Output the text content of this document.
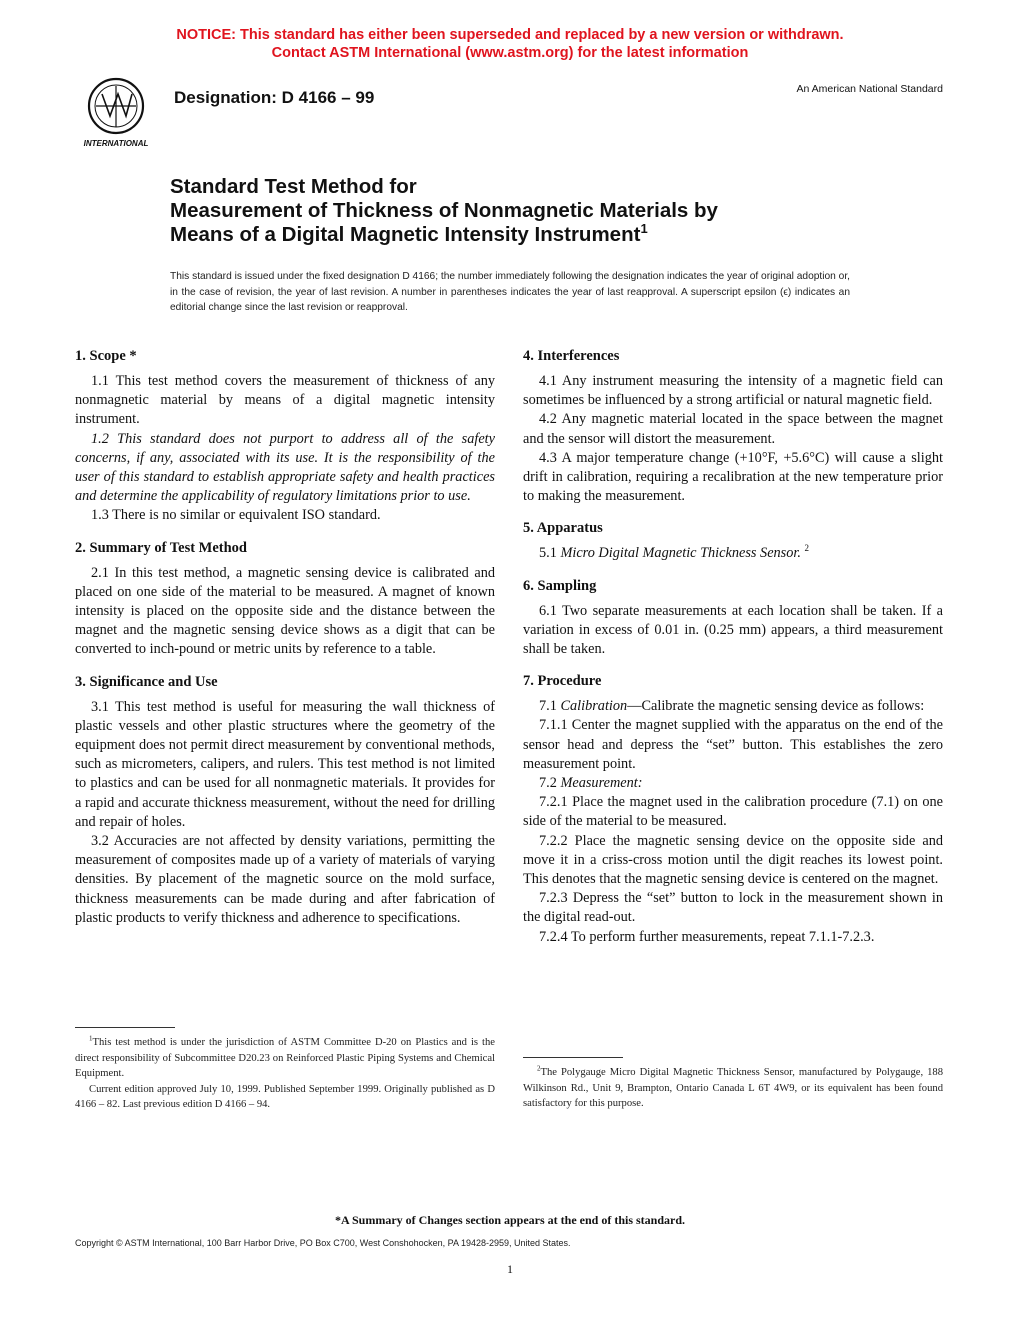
NOTICE: This standard has either been superseded and replaced by a new version or withdrawn.
Contact ASTM International (www.astm.org) for the latest information
INTERNATIONAL
Designation: D 4166 – 99	An American National Standard
Standard Test Method for
Measurement of Thickness of Nonmagnetic Materials by
Means of a Digital Magnetic Intensity Instrument$^1$
This standard is issued under the fixed designation D 4166; the number immediately following the designation indicates the year of original adoption or, in the case of revision, the year of last revision. A number in parentheses indicates the year of last reapproval. A superscript epsilon (ϵ) indicates an editorial change since the last revision or reapproval.
1. Scope *

1.1 This test method covers the measurement of thickness of any nonmagnetic material by means of a digital magnetic intensity instrument.

1.2 This standard does not purport to address all of the safety concerns, if any, associated with its use. It is the responsibility of the user of this standard to establish appropriate safety and health practices and determine the applicability of regulatory limitations prior to use.

1.3 There is no similar or equivalent ISO standard.

2. Summary of Test Method

2.1 In this test method, a magnetic sensing device is calibrated and placed on one side of the material to be measured. A magnet of known intensity is placed on the opposite side and the distance between the magnet and the magnetic sensing device shows as a digit that can be converted to inch-pound or metric units by reference to a table.

3. Significance and Use

3.1 This test method is useful for measuring the wall thickness of plastic vessels and other plastic structures where the geometry of the equipment does not permit direct measurement by conventional methods, such as micrometers, calipers, and rulers. This test method is not limited to plastics and can be used for all nonmagnetic materials. It provides for a rapid and accurate thickness measurement, without the need for drilling and repair of holes.

3.2 Accuracies are not affected by density variations, permitting the measurement of composites made up of a variety of materials of varying densities. By placement of the magnetic source on the mold surface, thickness measurements can be made during and after fabrication of plastic products to verify thickness and adherence to specifications.

$^1$This test method is under the jurisdiction of ASTM Committee D-20 on Plastics and is the direct responsibility of Subcommittee D20.23 on Reinforced Plastic Piping Systems and Chemical Equipment.

Current edition approved July 10, 1999. Published September 1999. Originally published as D 4166 – 82. Last previous edition D 4166 – 94.

4. Interferences

4.1 Any instrument measuring the intensity of a magnetic field can sometimes be influenced by a strong artificial or natural magnetic field.

4.2 Any magnetic material located in the space between the magnet and the sensor will distort the measurement.

4.3 A major temperature change (+10°F, +5.6°C) will cause a slight drift in calibration, requiring a recalibration at the new temperature prior to making the measurement.

5. Apparatus

5.1 Micro Digital Magnetic Thickness Sensor. $^2$

6. Sampling

6.1 Two separate measurements at each location shall be taken. If a variation in excess of 0.01 in. (0.25 mm) appears, a third measurement shall be taken.

7. Procedure

7.1 Calibration—Calibrate the magnetic sensing device as follows:

7.1.1 Center the magnet supplied with the apparatus on the end of the sensor head and depress the “set” button. This establishes the zero measurement point.

7.2 Measurement:

7.2.1 Place the magnet used in the calibration procedure (7.1) on one side of the material to be measured.

7.2.2 Place the magnetic sensing device on the opposite side and move it in a criss-cross motion until the digit reaches its lowest point. This denotes that the magnetic sensing device is centered on the magnet.

7.2.3 Depress the “set” button to lock in the measurement shown in the digital read-out.

7.2.4 To perform further measurements, repeat 7.1.1-7.2.3.

$^2$The Polygauge Micro Digital Magnetic Thickness Sensor, manufactured by Polygauge, 188 Wilkinson Rd., Unit 9, Brampton, Ontario Canada L 6T 4W9, or its equivalent has been found satisfactory for this purpose.

*A Summary of Changes section appears at the end of this standard.
Copyright © ASTM International, 100 Barr Harbor Drive, PO Box C700, West Conshohocken, PA 19428-2959, United States.
1
